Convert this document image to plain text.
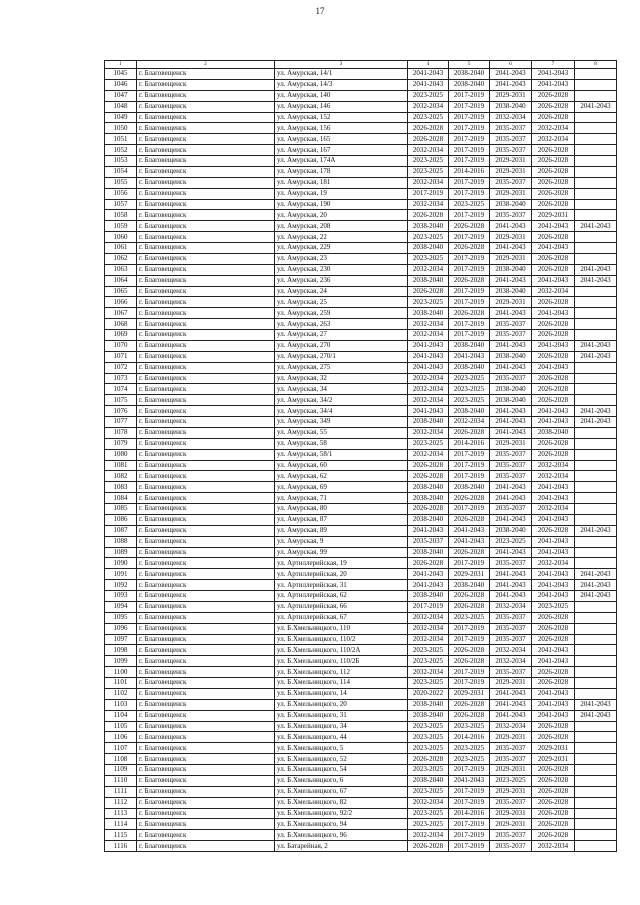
17
1	2	3	4	5	6	7	8
1045	г. Благовещенск	ул. Амурская, 14/1	2041-2043	2038-2040	2041-2043	2041-2043	
1046	г. Благовещенск	ул. Амурская, 14/3	2041-2043	2038-2040	2041-2043	2041-2043	
1047	г. Благовещенск	ул. Амурская, 140	2023-2025	2017-2019	2029-2031	2026-2028	
1048	г. Благовещенск	ул. Амурская, 146	2032-2034	2017-2019	2038-2040	2026-2028	2041-2043
1049	г. Благовещенск	ул. Амурская, 152	2023-2025	2017-2019	2032-2034	2026-2028	
1050	г. Благовещенск	ул. Амурская, 156	2026-2028	2017-2019	2035-2037	2032-2034	
1051	г. Благовещенск	ул. Амурская, 165	2026-2028	2017-2019	2035-2037	2032-2034	
1052	г. Благовещенск	ул. Амурская, 167	2032-2034	2017-2019	2035-2037	2026-2028	
1053	г. Благовещенск	ул. Амурская, 174А	2023-2025	2017-2019	2029-2031	2026-2028	
1054	г. Благовещенск	ул. Амурская, 178	2023-2025	2014-2016	2029-2031	2026-2028	
1055	г. Благовещенск	ул. Амурская, 181	2032-2034	2017-2019	2035-2037	2026-2028	
1056	г. Благовещенск	ул. Амурская, 19	2017-2019	2017-2019	2029-2031	2026-2028	
1057	г. Благовещенск	ул. Амурская, 190	2032-2034	2023-2025	2038-2040	2026-2028	
1058	г. Благовещенск	ул. Амурская, 20	2026-2028	2017-2019	2035-2037	2029-2031	
1059	г. Благовещенск	ул. Амурская, 208	2038-2040	2026-2028	2041-2043	2041-2043	2041-2043
1060	г. Благовещенск	ул. Амурская, 22	2023-2025	2017-2019	2029-2031	2026-2028	
1061	г. Благовещенск	ул. Амурская, 229	2038-2040	2026-2028	2041-2043	2041-2043	
1062	г. Благовещенск	ул. Амурская, 23	2023-2025	2017-2019	2029-2031	2026-2028	
1063	г. Благовещенск	ул. Амурская, 230	2032-2034	2017-2019	2038-2040	2026-2028	2041-2043
1064	г. Благовещенск	ул. Амурская, 236	2038-2040	2026-2028	2041-2043	2041-2043	2041-2043
1065	г. Благовещенск	ул. Амурская, 24	2026-2028	2017-2019	2038-2040	2032-2034	
1066	г. Благовещенск	ул. Амурская, 25	2023-2025	2017-2019	2029-2031	2026-2028	
1067	г. Благовещенск	ул. Амурская, 259	2038-2040	2026-2028	2041-2043	2041-2043	
1068	г. Благовещенск	ул. Амурская, 263	2032-2034	2017-2019	2035-2037	2026-2028	
1069	г. Благовещенск	ул. Амурская, 27	2032-2034	2017-2019	2035-2037	2026-2028	
1070	г. Благовещенск	ул. Амурская, 270	2041-2043	2038-2040	2041-2043	2041-2043	2041-2043
1071	г. Благовещенск	ул. Амурская, 270/1	2041-2043	2041-2043	2038-2040	2026-2028	2041-2043
1072	г. Благовещенск	ул. Амурская, 275	2041-2043	2038-2040	2041-2043	2041-2043	
1073	г. Благовещенск	ул. Амурская, 32	2032-2034	2023-2025	2035-2037	2026-2028	
1074	г. Благовещенск	ул. Амурская, 34	2032-2034	2023-2025	2038-2040	2026-2028	
1075	г. Благовещенск	ул. Амурская, 34/2	2032-2034	2023-2025	2038-2040	2026-2028	
1076	г. Благовещенск	ул. Амурская, 34/4	2041-2043	2038-2040	2041-2043	2041-2043	2041-2043
1077	г. Благовещенск	ул. Амурская, 349	2038-2040	2032-2034	2041-2043	2041-2043	2041-2043
1078	г. Благовещенск	ул. Амурская, 55	2032-2034	2026-2028	2041-2043	2038-2040	
1079	г. Благовещенск	ул. Амурская, 58	2023-2025	2014-2016	2029-2031	2026-2028	
1080	г. Благовещенск	ул. Амурская, 58/1	2032-2034	2017-2019	2035-2037	2026-2028	
1081	г. Благовещенск	ул. Амурская, 60	2026-2028	2017-2019	2035-2037	2032-2034	
1082	г. Благовещенск	ул. Амурская, 62	2026-2028	2017-2019	2035-2037	2032-2034	
1083	г. Благовещенск	ул. Амурская, 69	2038-2040	2038-2040	2041-2043	2041-2043	
1084	г. Благовещенск	ул. Амурская, 71	2038-2040	2026-2028	2041-2043	2041-2043	
1085	г. Благовещенск	ул. Амурская, 80	2026-2028	2017-2019	2035-2037	2032-2034	
1086	г. Благовещенск	ул. Амурская, 87	2038-2040	2026-2028	2041-2043	2041-2043	
1087	г. Благовещенск	ул. Амурская, 89	2041-2043	2041-2043	2038-2040	2026-2028	2041-2043
1088	г. Благовещенск	ул. Амурская, 9	2035-2037	2041-2043	2023-2025	2041-2043	
1089	г. Благовещенск	ул. Амурская, 99	2038-2040	2026-2028	2041-2043	2041-2043	
1090	г. Благовещенск	ул. Артиллерийская, 19	2026-2028	2017-2019	2035-2037	2032-2034	
1091	г. Благовещенск	ул. Артиллерийская, 20	2041-2043	2029-2031	2041-2043	2041-2043	2041-2043
1092	г. Благовещенск	ул. Артиллерийская, 31	2041-2043	2038-2040	2041-2043	2041-2043	2041-2043
1093	г. Благовещенск	ул. Артиллерийская, 62	2038-2040	2026-2028	2041-2043	2041-2043	2041-2043
1094	г. Благовещенск	ул. Артиллерийская, 66	2017-2019	2026-2028	2032-2034	2023-2025	
1095	г. Благовещенск	ул. Артиллерийская, 67	2032-2034	2023-2025	2035-2037	2026-2028	
1096	г. Благовещенск	ул. Б.Хмельницкого, 110	2032-2034	2017-2019	2035-2037	2026-2028	
1097	г. Благовещенск	ул. Б.Хмельницкого, 110/2	2032-2034	2017-2019	2035-2037	2026-2028	
1098	г. Благовещенск	ул. Б.Хмельницкого, 110/2А	2023-2025	2026-2028	2032-2034	2041-2043	
1099	г. Благовещенск	ул. Б.Хмельницкого, 110/2Б	2023-2025	2026-2028	2032-2034	2041-2043	
1100	г. Благовещенск	ул. Б.Хмельницкого, 112	2032-2034	2017-2019	2035-2037	2026-2028	
1101	г. Благовещенск	ул. Б.Хмельницкого, 114	2023-2025	2017-2019	2029-2031	2026-2028	
1102	г. Благовещенск	ул. Б.Хмельницкого, 14	2020-2022	2029-2031	2041-2043	2041-2043	
1103	г. Благовещенск	ул. Б.Хмельницкого, 20	2038-2040	2026-2028	2041-2043	2041-2043	2041-2043
1104	г. Благовещенск	ул. Б.Хмельницкого, 31	2038-2040	2026-2028	2041-2043	2041-2043	2041-2043
1105	г. Благовещенск	ул. Б.Хмельницкого, 34	2023-2025	2023-2025	2032-2034	2026-2028	
1106	г. Благовещенск	ул. Б.Хмельницкого, 44	2023-2025	2014-2016	2029-2031	2026-2028	
1107	г. Благовещенск	ул. Б.Хмельницкого, 5	2023-2025	2023-2025	2035-2037	2029-2031	
1108	г. Благовещенск	ул. Б.Хмельницкого, 52	2026-2028	2023-2025	2035-2037	2029-2031	
1109	г. Благовещенск	ул. Б.Хмельницкого, 54	2023-2025	2017-2019	2029-2031	2026-2028	
1110	г. Благовещенск	ул. Б.Хмельницкого, 6	2038-2040	2041-2043	2023-2025	2026-2028	
1111	г. Благовещенск	ул. Б.Хмельницкого, 67	2023-2025	2017-2019	2029-2031	2026-2028	
1112	г. Благовещенск	ул. Б.Хмельницкого, 82	2032-2034	2017-2019	2035-2037	2026-2028	
1113	г. Благовещенск	ул. Б.Хмельницкого, 92/2	2023-2025	2014-2016	2029-2031	2026-2028	
1114	г. Благовещенск	ул. Б.Хмельницкого, 94	2023-2025	2017-2019	2029-2031	2026-2028	
1115	г. Благовещенск	ул. Б.Хмельницкого, 96	2032-2034	2017-2019	2035-2037	2026-2028	
1116	г. Благовещенск	ул. Батарейная, 2	2026-2028	2017-2019	2035-2037	2032-2034	
